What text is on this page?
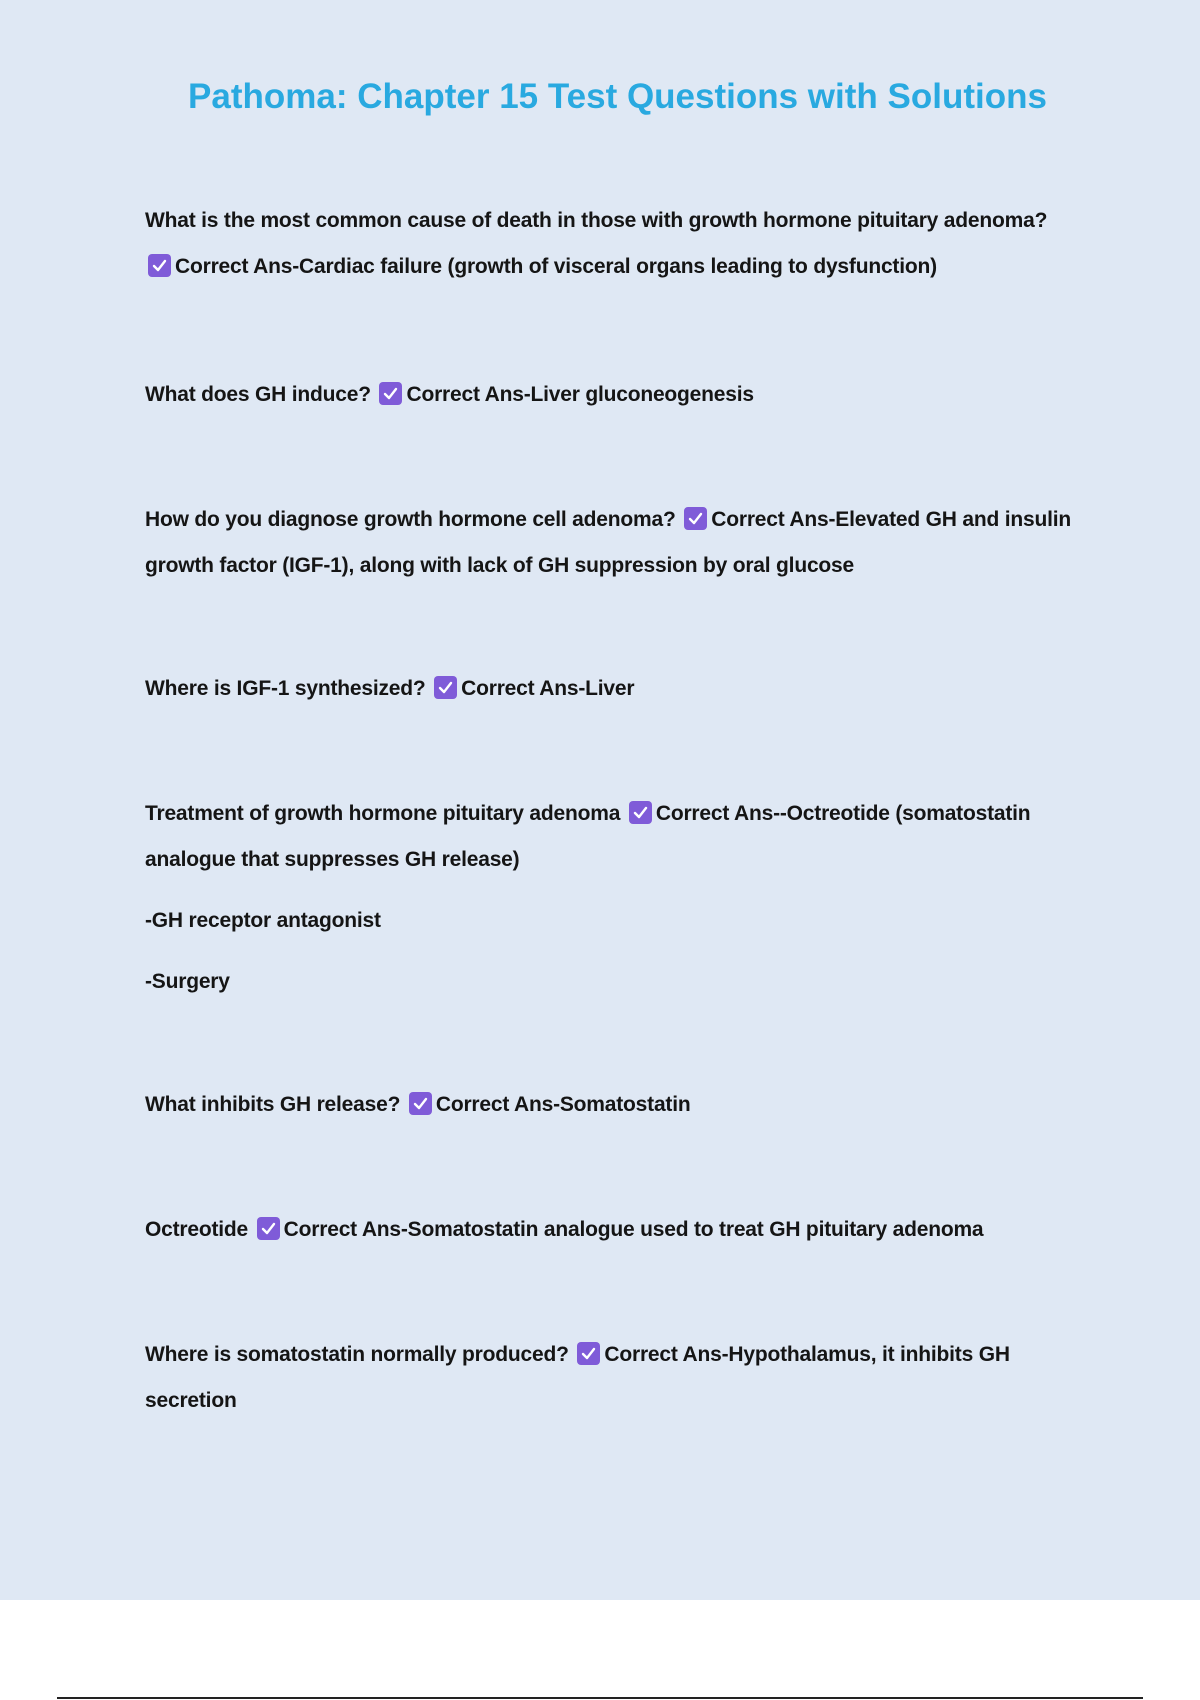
Pathoma: Chapter 15 Test Questions with Solutions
What is the most common cause of death in those with growth hormone pituitary adenoma?

Correct Ans-Cardiac failure (growth of visceral organs leading to dysfunction)
What does GH induce? Correct Ans-Liver gluconeogenesis
How do you diagnose growth hormone cell adenoma? Correct Ans-Elevated GH and insulin growth factor (IGF-1), along with lack of GH suppression by oral glucose
Where is IGF-1 synthesized? Correct Ans-Liver
Treatment of growth hormone pituitary adenoma Correct Ans--Octreotide (somatostatin analogue that suppresses GH release)
-GH receptor antagonist
-Surgery
What inhibits GH release? Correct Ans-Somatostatin
Octreotide Correct Ans-Somatostatin analogue used to treat GH pituitary adenoma
Where is somatostatin normally produced? Correct Ans-Hypothalamus, it inhibits GH secretion
